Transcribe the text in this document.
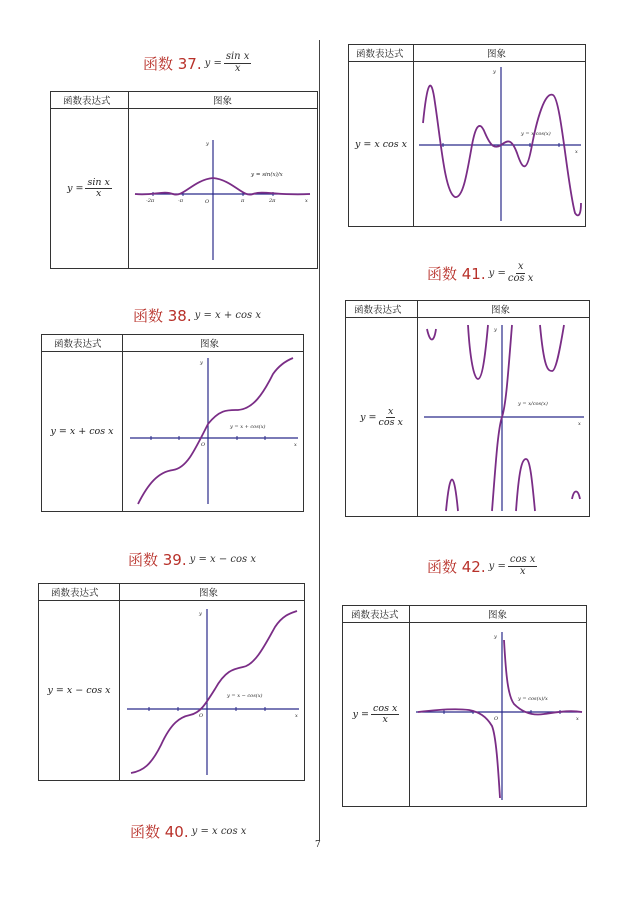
函数 37. $y = \frac{\text{sin x}}{x}$
函数表达式	图象
$y = \frac{\text{sin x}}{x}$
-2π	-π	π	2π
O	x
y
y = sin(x)/x
函数 38. y = x + cos x
函数表达式	图象
y = x + cos x
O	x
y
y = x + cos(x)
函数 39. y = x − cos x
函数表达式	图象
y = x − cos x
O	x
y
y = x − cos(x)
函数 40. y = x cos x
函数表达式	图象
y = x cos x
x
y
y = x·cos(x)
函数 41. $y = \frac{x}{\text{cos x}}$
函数表达式	图象
$y = \frac{x}{\text{cos x}}$	x
y
y = x/cos(x)
函数 42. $y = \frac{\text{cos x}}{x}$
函数表达式	图象
$y = \frac{\text{cos x}}{x}$	O	x
y
y = cos(x)/x
7
